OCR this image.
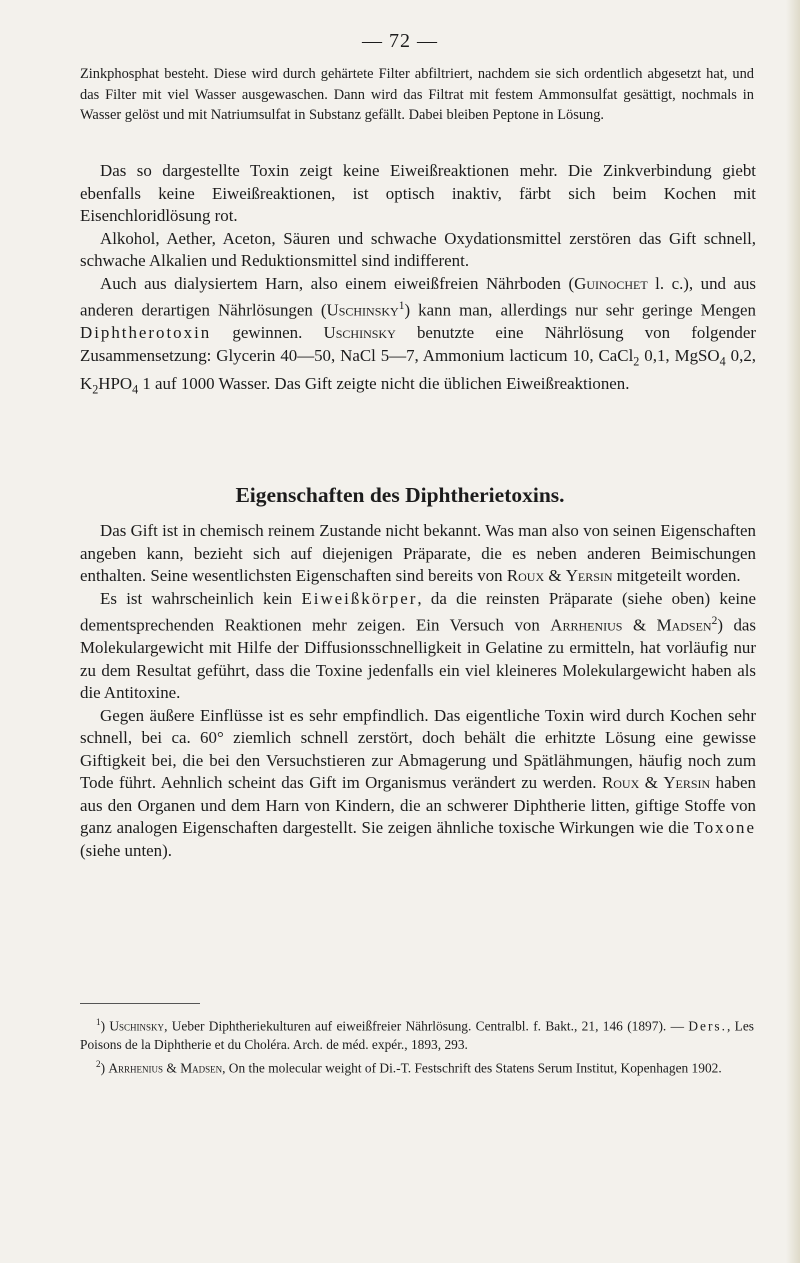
— 72 —
Zinkphosphat besteht. Diese wird durch gehärtete Filter abfiltriert, nachdem sie sich ordentlich abgesetzt hat, und das Filter mit viel Wasser ausgewaschen. Dann wird das Filtrat mit festem Ammonsulfat gesättigt, nochmals in Wasser gelöst und mit Natriumsulfat in Substanz gefällt. Dabei bleiben Peptone in Lösung.

Das so dargestellte Toxin zeigt keine Eiweißreaktionen mehr. Die Zinkverbindung giebt ebenfalls keine Eiweißreaktionen, ist optisch inaktiv, färbt sich beim Kochen mit Eisenchloridlösung rot.

Alkohol, Aether, Aceton, Säuren und schwache Oxydationsmittel zerstören das Gift schnell, schwache Alkalien und Reduktionsmittel sind indifferent.

Auch aus dialysiertem Harn, also einem eiweißfreien Nährboden (Guinochet l. c.), und aus anderen derartigen Nährlösungen (Uschinsky$^1$) kann man, allerdings nur sehr geringe Mengen Diphtherotoxin gewinnen. Uschinsky benutzte eine Nährlösung von folgender Zusammensetzung: Glycerin 40—50, NaCl 5—7, Ammonium lacticum 10, CaCl$_2$ 0,1, MgSO$_4$ 0,2, $K_2HPO_4$ 1 auf 1000 Wasser. Das Gift zeigte nicht die üblichen Eiweißreaktionen.

Eigenschaften des Diphtherietoxins.

Das Gift ist in chemisch reinem Zustande nicht bekannt. Was man also von seinen Eigenschaften angeben kann, bezieht sich auf diejenigen Präparate, die es neben anderen Beimischungen enthalten. Seine wesentlichsten Eigenschaften sind bereits von Roux & Yersin mitgeteilt worden.

Es ist wahrscheinlich kein Eiweißkörper, da die reinsten Präparate (siehe oben) keine dementsprechenden Reaktionen mehr zeigen. Ein Versuch von Arrhenius & Madsen$^2$) das Molekulargewicht mit Hilfe der Diffusionsschnelligkeit in Gelatine zu ermitteln, hat vorläufig nur zu dem Resultat geführt, dass die Toxine jedenfalls ein viel kleineres Molekulargewicht haben als die Antitoxine.

Gegen äußere Einflüsse ist es sehr empfindlich. Das eigentliche Toxin wird durch Kochen sehr schnell, bei ca. 60° ziemlich schnell zerstört, doch behält die erhitzte Lösung eine gewisse Giftigkeit bei, die bei den Versuchstieren zur Abmagerung und Spätlähmungen, häufig noch zum Tode führt. Aehnlich scheint das Gift im Organismus verändert zu werden. Roux & Yersin haben aus den Organen und dem Harn von Kindern, die an schwerer Diphtherie litten, giftige Stoffe von ganz analogen Eigenschaften dargestellt. Sie zeigen ähnliche toxische Wirkungen wie die Toxone (siehe unten).

$^1$) Uschinsky, Ueber Diphtheriekulturen auf eiweißfreier Nährlösung. Centralbl. f. Bakt., 21, 146 (1897). — Ders., Les Poisons de la Diphtherie et du Choléra. Arch. de méd. expér., 1893, 293.

$^2$) Arrhenius & Madsen, On the molecular weight of Di.-T. Festschrift des Statens Serum Institut, Kopenhagen 1902.
